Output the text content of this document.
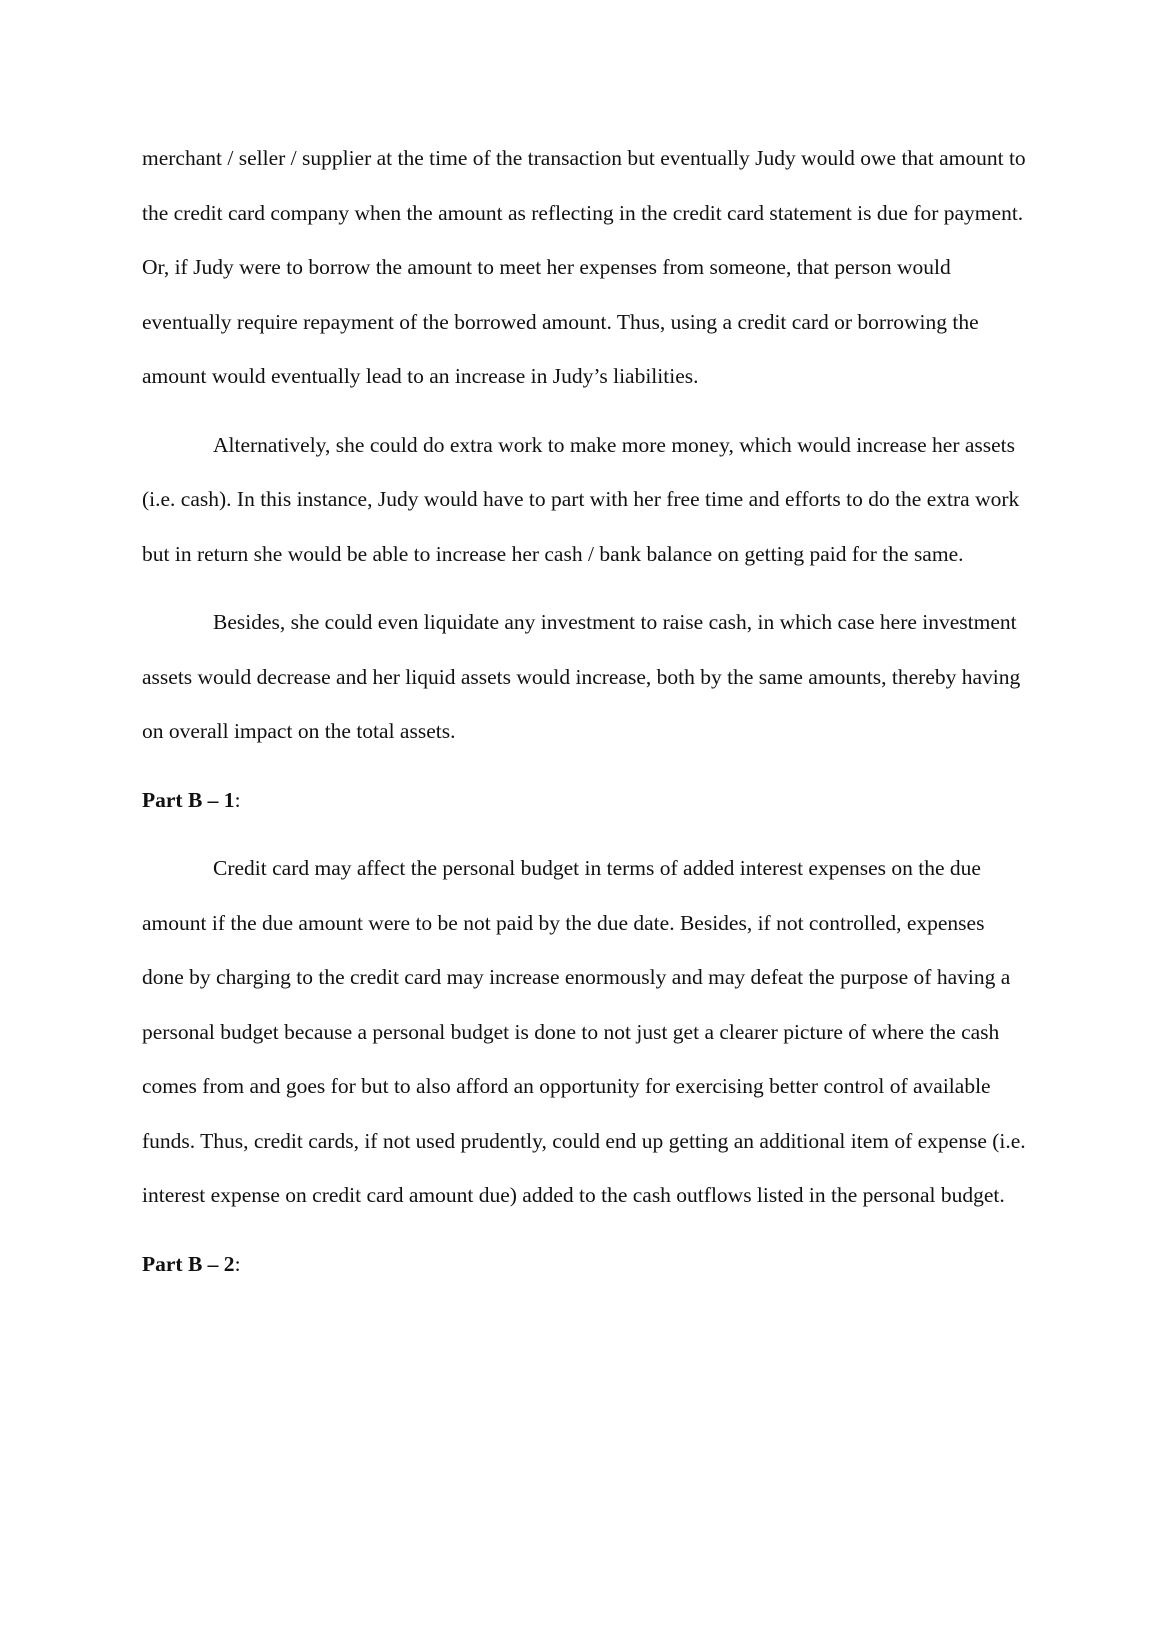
merchant / seller / supplier at the time of the transaction but eventually Judy would owe that amount to the credit card company when the amount as reflecting in the credit card statement is due for payment. Or, if Judy were to borrow the amount to meet her expenses from someone, that person would eventually require repayment of the borrowed amount. Thus, using a credit card or borrowing the amount would eventually lead to an increase in Judy’s liabilities.

Alternatively, she could do extra work to make more money, which would increase her assets (i.e. cash). In this instance, Judy would have to part with her free time and efforts to do the extra work but in return she would be able to increase her cash / bank balance on getting paid for the same.

Besides, she could even liquidate any investment to raise cash, in which case here investment assets would decrease and her liquid assets would increase, both by the same amounts, thereby having on overall impact on the total assets.

Part B – 1:

Credit card may affect the personal budget in terms of added interest expenses on the due amount if the due amount were to be not paid by the due date. Besides, if not controlled, expenses done by charging to the credit card may increase enormously and may defeat the purpose of having a personal budget because a personal budget is done to not just get a clearer picture of where the cash comes from and goes for but to also afford an opportunity for exercising better control of available funds. Thus, credit cards, if not used prudently, could end up getting an additional item of expense (i.e. interest expense on credit card amount due) added to the cash outflows listed in the personal budget.

Part B – 2:
